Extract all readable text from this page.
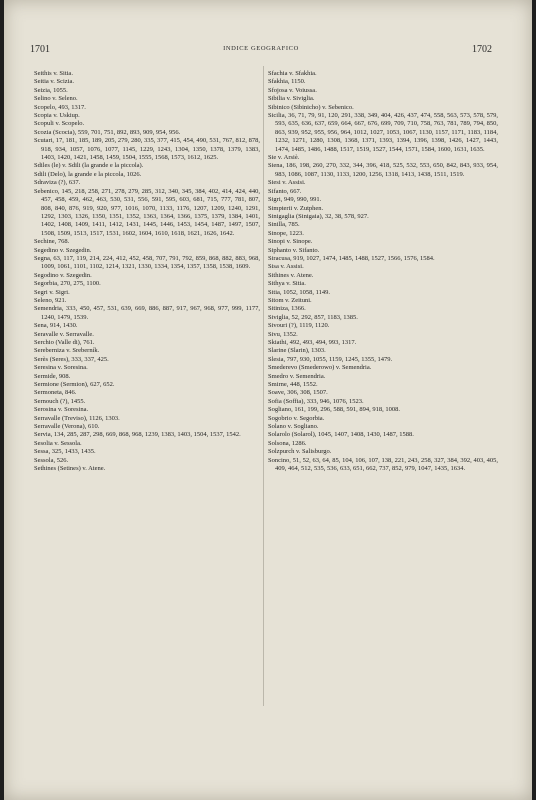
1701	INDICE GEOGRAFICO	1702
Seithis v. Sitia.
Seitia v. Scizia.
Seizia, 1055.
Selino v. Seleno.
Scopelo, 493, 1317.
Scopia v. Uskiup.
Scopuli v. Scopelo.
Scozia (Scocia), 559, 701, 751, 892, 893, 909, 954, 956.
Scutari, 17, 181, 185, 189, 205, 279, 280, 335, 377, 415, 454, 490, 531, 767, 812, 878, 918, 934, 1057, 1076, 1077, 1145, 1229, 1243, 1304, 1350, 1378, 1379, 1383, 1403, 1420, 1421, 1458, 1459, 1504, 1555, 1568, 1573, 1612, 1625.
Sdiles (le) v. Sdili (la grande e la piccola).
Sdili (Delo), la grande e la piccola, 1026.
Sdraviza (?), 637.
Sebenico, 145, 218, 258, 271, 278, 279, 285, 312, 340, 345, 384, 402, 414, 424, 440, 457, 458, 459, 462, 463, 530, 531, 556, 591, 595, 603, 681, 715, 777, 781, 807, 808, 840, 876, 919, 920, 977, 1016, 1070, 1133, 1176, 1207, 1209, 1240, 1291, 1292, 1303, 1326, 1350, 1351, 1352, 1363, 1364, 1366, 1375, 1379, 1384, 1401, 1402, 1408, 1409, 1411, 1412, 1431, 1445, 1446, 1453, 1454, 1487, 1497, 1507, 1508, 1509, 1513, 1517, 1531, 1602, 1604, 1610, 1618, 1621, 1626, 1642.
Sechine, 768.
Segedino v. Szegedin.
Segna, 63, 117, 119, 214, 224, 412, 452, 458, 707, 791, 792, 859, 868, 882, 883, 968, 1009, 1061, 1101, 1102, 1214, 1321, 1330, 1334, 1354, 1357, 1358, 1538, 1609.
Segodino v. Szegedin.
Segorbia, 270, 275, 1100.
Segri v. Sigri.
Seleno, 921.
Semendria, 333, 450, 457, 531, 639, 669, 886, 887, 917, 967, 968, 977, 999, 1177, 1240, 1479, 1539.
Sena, 914, 1430.
Seravalle v. Serravalle.
Serchio (Valle di), 761.
Sereberniza v. Sreberník.
Serès (Seres), 333, 337, 425.
Seresina v. Soresina.
Sermide, 908.
Sermione (Sermion), 627, 652.
Sermoneta, 846.
Sernouch (?), 1455.
Serosina v. Soresina.
Serravalle (Treviso), 1126, 1303.
Serravalle (Verona), 610.
Servia, 134, 285, 287, 298, 669, 868, 968, 1239, 1383, 1403, 1504, 1537, 1542.
Sesolia v. Sessola.
Sessa, 325, 1433, 1435.
Sessola, 526.
Sethines (Setines) v. Atene.
Sfachia v. Sfakhia.
Sfakhia, 1150.
Sfojosa v. Voiussa.
Sibilia v. Siviglia.
Sibinico (Sibinicho) v. Sebenico.
Sicilia, 36, 71, 79, 91, 120, 291, 338, 349, 404, 426, 437, 474, 558, 563, 573, 578, 579, 593, 635, 636, 637, 659, 664, 667, 676, 699, 709, 710, 758, 763, 781, 789, 794, 850, 863, 939, 952, 955, 956, 964, 1012, 1027, 1053, 1067, 1130, 1157, 1171, 1183, 1184, 1232, 1271, 1280, 1308, 1368, 1371, 1393, 1394, 1396, 1398, 1426, 1427, 1443, 1474, 1485, 1486, 1488, 1517, 1519, 1527, 1544, 1571, 1584, 1600, 1631, 1635.
Sie v. Arsiè.
Siena, 186, 198, 260, 270, 332, 344, 396, 418, 525, 532, 553, 650, 842, 843, 933, 954, 983, 1086, 1087, 1130, 1133, 1200, 1256, 1318, 1413, 1438, 1511, 1519.
Siesi v. Assisi.
Sifanto, 667.
Sigri, 949, 990, 991.
Simpterii v. Zutphen.
Sinigaglia (Sinigaia), 32, 38, 578, 927.
Sinilla, 785.
Sinope, 1223.
Sinopi v. Sinope.
Siphanto v. Sifanto.
Siracusa, 919, 1027, 1474, 1485, 1488, 1527, 1566, 1576, 1584.
Sisa v. Assisi.
Sithines v. Atene.
Sithya v. Sitia.
Sitia, 1052, 1058, 1149.
Sitom v. Zeituni.
Sitiniza, 1366.
Siviglia, 52, 292, 857, 1183, 1385.
Sivouri (?), 1119, 1120.
Sivu, 1352.
Skiathi, 492, 493, 494, 993, 1317.
Slarine (Slarin), 1303.
Slesia, 797, 930, 1055, 1159, 1245, 1355, 1479.
Smederevo (Smederowo) v. Semendria.
Smedro v. Semendria.
Smirne, 448, 1552.
Soave, 306, 308, 1507.
Sofia (Soffia), 333, 946, 1076, 1523.
Sogliano, 161, 199, 296, 588, 591, 894, 918, 1008.
Sogobrio v. Segorbia.
Solano v. Sogliano.
Solarolo (Solarol), 1045, 1407, 1408, 1430, 1487, 1588.
Solsona, 1286.
Solzpurch v. Salisburgo.
Soncino, 51, 52, 63, 64, 85, 104, 106, 107, 138, 221, 243, 258, 327, 384, 392, 403, 405, 409, 464, 512, 535, 536, 633, 651, 662, 737, 852, 979, 1047, 1435, 1634.
